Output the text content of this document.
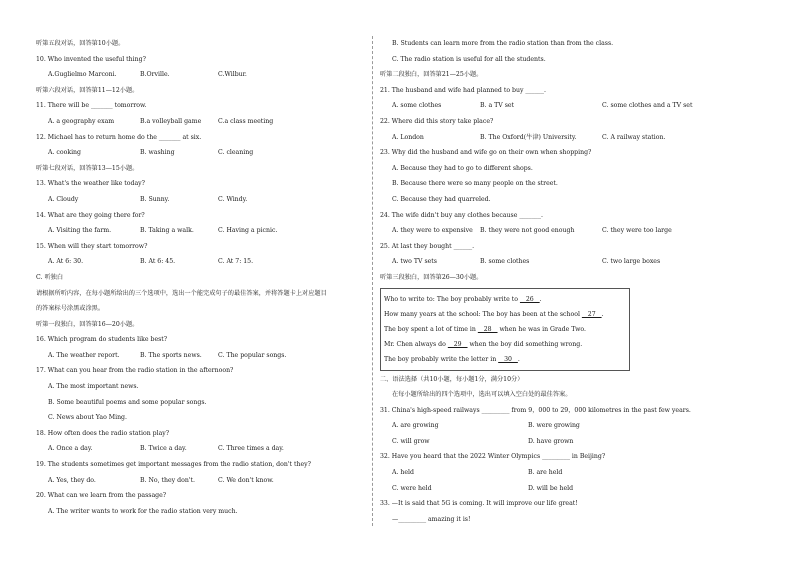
听第五段对话，回答第10小题。
10. Who invented the useful thing?
A.Guglielmo Marconi.	B.Orville.	C.Wilbur.
听第六段对话，回答第11—12小题。
11. There will be _______ tomorrow.
A. a geography exam	B.a volleyball game	C.a class meeting
12. Michael has to return home do the _______ at six.
A. cooking	B. washing	C. cleaning
听第七段对话，回答第13—15小题。
13. What's the weather like today?
A. Cloudy	B. Sunny.	C. Windy.
14. What are they going there for?
A. Visiting the farm.	B. Taking a walk.	C. Having a picnic.
15. When will they start tomorrow?
A. At 6: 30.	B. At 6: 45.	C. At 7: 15.
C. 听独白
请根据所听内容，在每小题所给出的三个选项中，选出一个能完成句子的最佳答案，并将答题卡上对应题目
的答案标号涂黑或涂黑。
听第一段独白，回答第16—20小题。
16. Which program do students like best?
A. The weather report.	B. The sports news.	C. The popular songs.
17. What can you hear from the radio station in the afternoon?
A. The most important news.
B. Some beautiful poems and some popular songs.
C. News about Yao Ming.
18. How often does the radio station play?
A. Once a day.	B. Twice a day.	C. Three times a day.
19. The students sometimes get important messages from the radio station, don't they?
A. Yes, they do.	B. No, they don't.	C. We don't know.
20. What can we learn from the passage?
A. The writer wants to work for the radio station very much.
B. Students can learn more from the radio station than from the class.
C. The radio station is useful for all the students.
听第二段独白，回答第21—25小题。
21. The husband and wife had planned to buy ______.
A. some clothes	B. a TV set	C. some clothes and a TV set
22. Where did this story take place?
A. London	B. The Oxford(牛津) University.	C. A railway station.
23. Why did the husband and wife go on their own when shopping?
A. Because they had to go to different shops.
B. Because there were so many people on the street.
C. Because they had quarreled.
24. The wife didn't buy any clothes because _______.
A. they were to expensive B. they were not good enough	C. they were too large
25. At last they bought ______.
A. two TV sets	B. some clothes	C. two large boxes
听第三段独白，回答第26—30小题。
Who to write to: The boy probably write to    26   .
How many years at the school: The boy has been at the school    27   .
The boy spent a lot of time in    28    when he was in Grade Two.
Mr. Chen always do    29    when the boy did something wrong.
The boy probably write the letter in    30   .
二、语法选择（共10小题，每小题1分，满分10分）
在每小题所给出的四个选项中，选出可以填入空白处的最佳答案。
31. China's high-speed railways _________ from 9，000 to 29，000 kilometres in the past few years.
A. are growing	B. were growing
C. will grow	D. have grown
32. Have you heard that the 2022 Winter Olympics _________ in Beijing?
A. held	B. are held
C. were held	D. will be held
33. —It is said that 5G is coming. It will improve our life great!
—_________ amazing it is!
